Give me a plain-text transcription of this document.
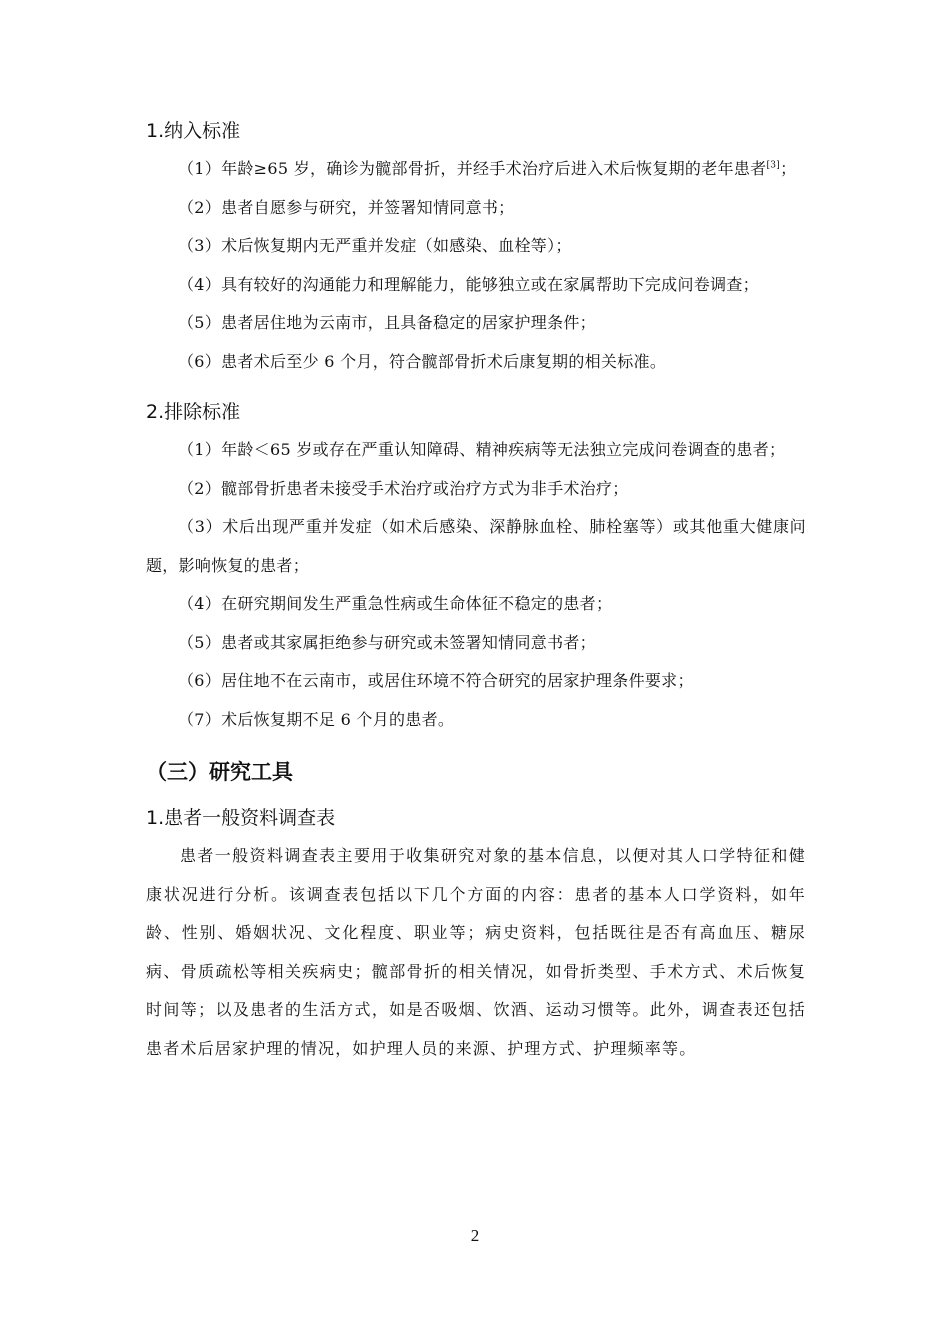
1.纳入标准

（1）年龄≥65 岁，确诊为髋部骨折，并经手术治疗后进入术后恢复期的老年患者[3]；

（2）患者自愿参与研究，并签署知情同意书；

（3）术后恢复期内无严重并发症（如感染、血栓等）；

（4）具有较好的沟通能力和理解能力，能够独立或在家属帮助下完成问卷调查；

（5）患者居住地为云南市，且具备稳定的居家护理条件；

（6）患者术后至少 6 个月，符合髋部骨折术后康复期的相关标准。

2.排除标准

（1）年龄＜65 岁或存在严重认知障碍、精神疾病等无法独立完成问卷调查的患者；

（2）髋部骨折患者未接受手术治疗或治疗方式为非手术治疗；

（3）术后出现严重并发症（如术后感染、深静脉血栓、肺栓塞等）或其他重大健康问题，影响恢复的患者；

（4）在研究期间发生严重急性病或生命体征不稳定的患者；

（5）患者或其家属拒绝参与研究或未签署知情同意书者；

（6）居住地不在云南市，或居住环境不符合研究的居家护理条件要求；

（7）术后恢复期不足 6 个月的患者。

（三）研究工具
1.患者一般资料调查表

患者一般资料调查表主要用于收集研究对象的基本信息，以便对其人口学特征和健康状况进行分析。该调查表包括以下几个方面的内容：患者的基本人口学资料，如年龄、性别、婚姻状况、文化程度、职业等；病史资料，包括既往是否有高血压、糖尿病、骨质疏松等相关疾病史；髋部骨折的相关情况，如骨折类型、手术方式、术后恢复时间等；以及患者的生活方式，如是否吸烟、饮酒、运动习惯等。此外，调查表还包括患者术后居家护理的情况，如护理人员的来源、护理方式、护理频率等。

2
